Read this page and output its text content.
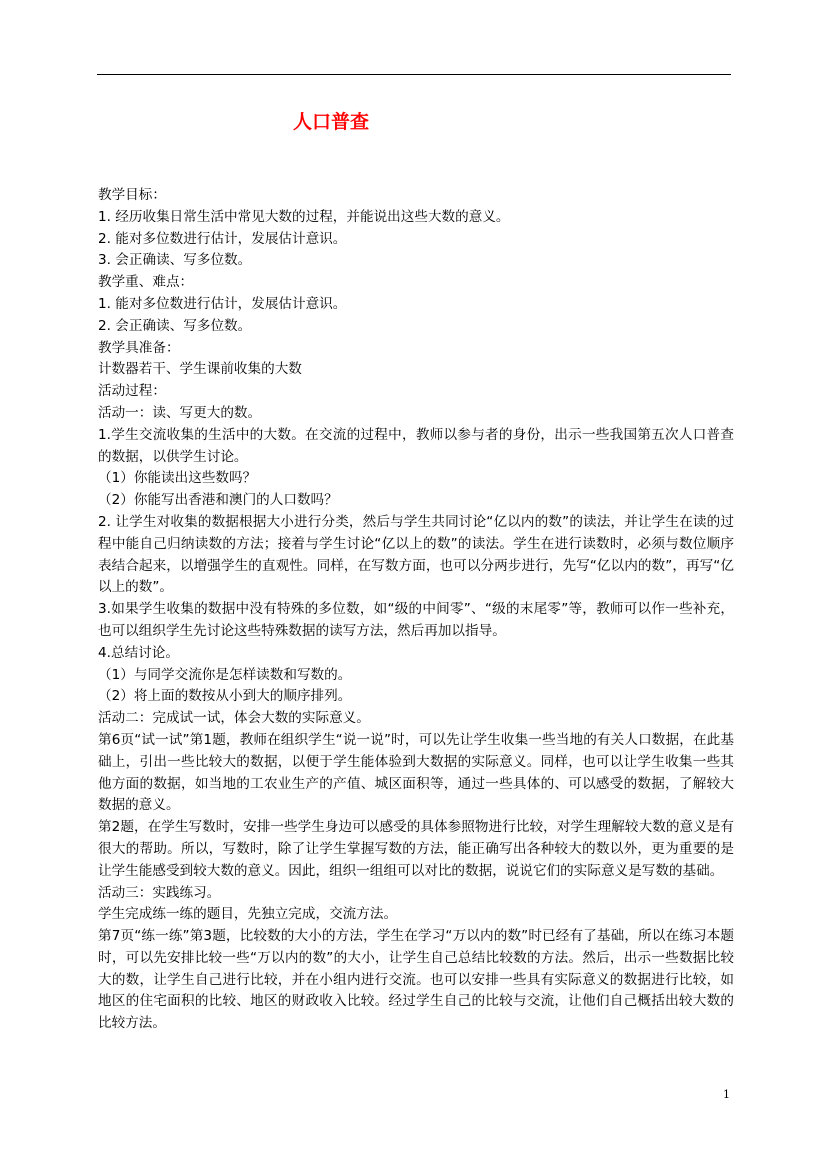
人口普查

教学目标：

1. 经历收集日常生活中常见大数的过程，并能说出这些大数的意义。

2. 能对多位数进行估计，发展估计意识。

3. 会正确读、写多位数。

教学重、难点：

1. 能对多位数进行估计，发展估计意识。

2. 会正确读、写多位数。

教学具准备：

计数器若干、学生课前收集的大数

活动过程：

活动一：读、写更大的数。

1.学生交流收集的生活中的大数。在交流的过程中，教师以参与者的身份，出示一些我国第五次人口普查的数据，以供学生讨论。

（1）你能读出这些数吗？

（2）你能写出香港和澳门的人口数吗？

2. 让学生对收集的数据根据大小进行分类，然后与学生共同讨论“亿以内的数”的读法，并让学生在读的过程中能自己归纳读数的方法；接着与学生讨论“亿以上的数”的读法。学生在进行读数时，必须与数位顺序表结合起来，以增强学生的直观性。同样，在写数方面，也可以分两步进行，先写“亿以内的数”，再写“亿以上的数”。

3.如果学生收集的数据中没有特殊的多位数，如“级的中间零”、“级的末尾零”等，教师可以作一些补充，也可以组织学生先讨论这些特殊数据的读写方法，然后再加以指导。

4.总结讨论。

（1）与同学交流你是怎样读数和写数的。

（2）将上面的数按从小到大的顺序排列。

活动二：完成试一试，体会大数的实际意义。

第6页“试一试”第1题，教师在组织学生“说一说”时，可以先让学生收集一些当地的有关人口数据，在此基础上，引出一些比较大的数据，以便于学生能体验到大数据的实际意义。同样，也可以让学生收集一些其他方面的数据，如当地的工农业生产的产值、城区面积等，通过一些具体的、可以感受的数据，了解较大数据的意义。

第2题，在学生写数时，安排一些学生身边可以感受的具体参照物进行比较，对学生理解较大数的意义是有很大的帮助。所以，写数时，除了让学生掌握写数的方法，能正确写出各种较大的数以外，更为重要的是让学生能感受到较大数的意义。因此，组织一组组可以对比的数据，说说它们的实际意义是写数的基础。

活动三：实践练习。

学生完成练一练的题目，先独立完成，交流方法。

第7页“练一练”第3题，比较数的大小的方法，学生在学习“万以内的数”时已经有了基础，所以在练习本题时，可以先安排比较一些“万以内的数”的大小，让学生自己总结比较数的方法。然后，出示一些数据比较大的数，让学生自己进行比较，并在小组内进行交流。也可以安排一些具有实际意义的数据进行比较，如地区的住宅面积的比较、地区的财政收入比较。经过学生自己的比较与交流，让他们自己概括出较大数的比较方法。

1
